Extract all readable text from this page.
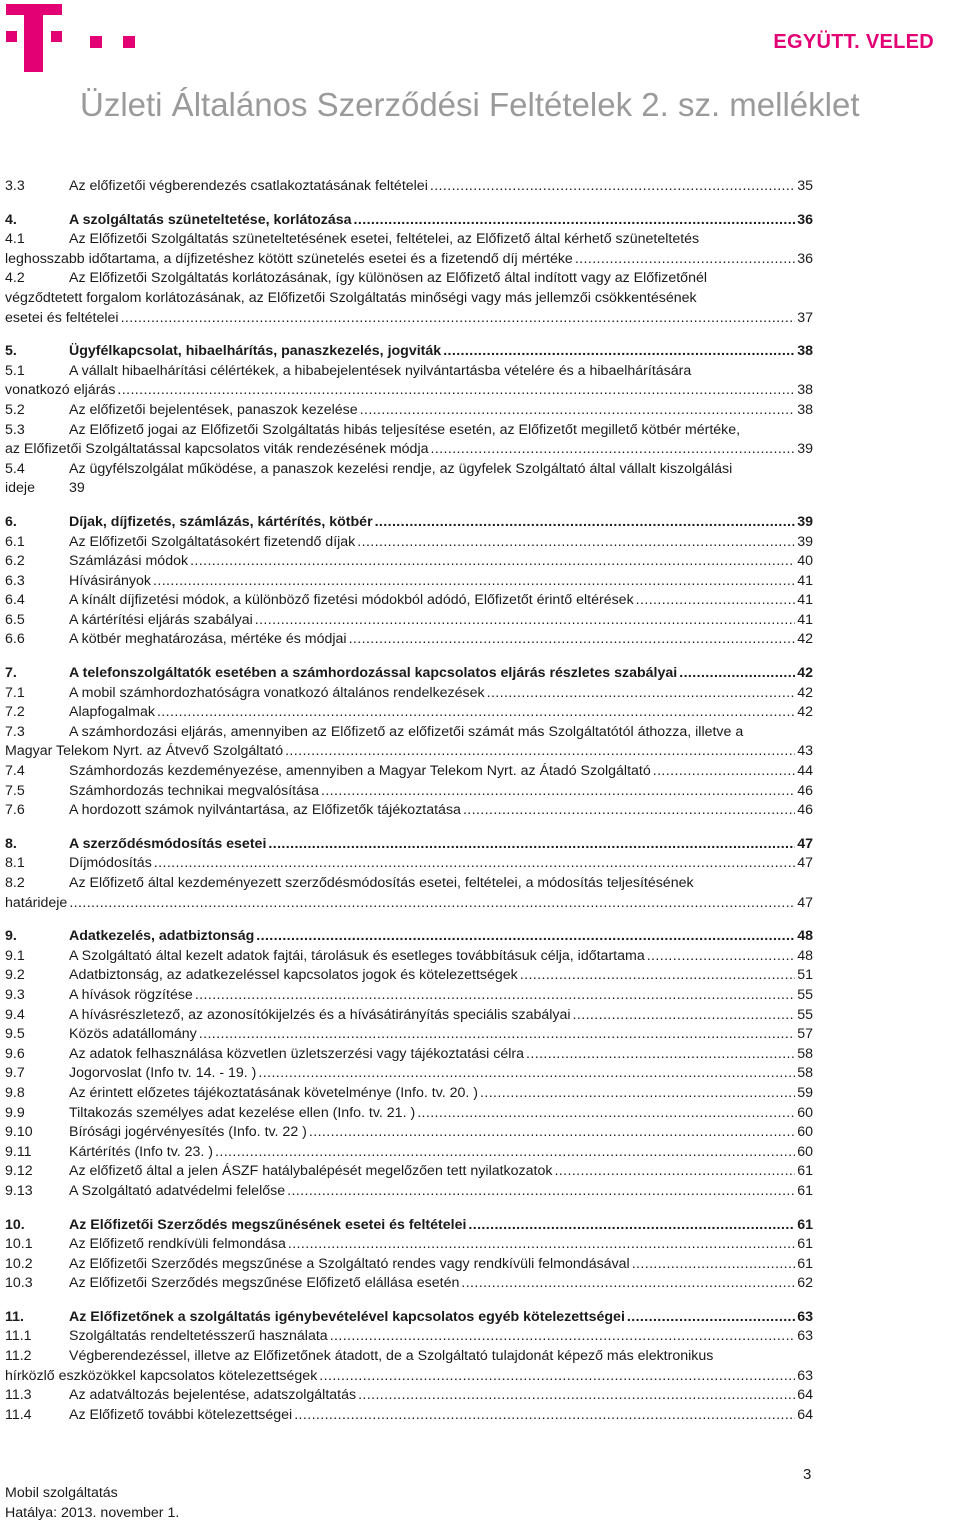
EGYÜTT. VELED
Üzleti Általános Szerződési Feltételek 2. sz. melléklet
3.3	Az előfizetői végberendezés csatlakoztatásának feltételei .....	35
4.	A szolgáltatás szüneteltetése, korlátozása .....	36
4.1	Az Előfizetői Szolgáltatás szüneteltetésének esetei, feltételei, az Előfizető által kérhető szüneteltetés
leghosszabb időtartama, a díjfizetéshez kötött szünetelés esetei és a fizetendő díj mértéke .....	36
4.2	Az Előfizetői Szolgáltatás korlátozásának, így különösen az Előfizető által indított vagy az Előfizetőnél
végződtetett forgalom korlátozásának, az Előfizetői Szolgáltatás minőségi vagy más jellemzői csökkentésének
esetei és feltételei .....	37
5.	Ügyfélkapcsolat, hibaelhárítás, panaszkezelés, jogviták .....	38
5.1	A vállalt hibaelhárítási célértékek, a hibabejelentések nyilvántartásba vételére és a hibaelhárítására
vonatkozó eljárás .....	38
5.2	Az előfizetői bejelentések, panaszok kezelése .....	38
5.3	Az Előfizető jogai az Előfizetői Szolgáltatás hibás teljesítése esetén, az Előfizetőt megillető kötbér mértéke,
az Előfizetői Szolgáltatással kapcsolatos viták rendezésének módja .....	39
5.4	Az ügyfélszolgálat működése, a panaszok kezelési rendje, az ügyfelek Szolgáltató által vállalt kiszolgálási
ideje 39
6.	Díjak, díjfizetés, számlázás, kártérítés, kötbér .....	39
6.1	Az Előfizetői Szolgáltatásokért fizetendő díjak .....	39
6.2	Számlázási módok .....	40
6.3	Hívásirányok .....	41
6.4	A kínált díjfizetési módok, a különböző fizetési módokból adódó, Előfizetőt érintő eltérések .....	41
6.5	A kártérítési eljárás szabályai .....	41
6.6	A kötbér meghatározása, mértéke és módjai .....	42
7.	A telefonszolgáltatók esetében a számhordozással kapcsolatos eljárás részletes szabályai .....	42
7.1	A mobil számhordozhatóságra vonatkozó általános rendelkezések .....	42
7.2	Alapfogalmak .....	42
7.3	A számhordozási eljárás, amennyiben az Előfizető az előfizetői számát más Szolgáltatótól áthozza, illetve a
Magyar Telekom Nyrt. az Átvevő Szolgáltató .....	43
7.4	Számhordozás kezdeményezése, amennyiben a Magyar Telekom Nyrt. az Átadó Szolgáltató .....	44
7.5	Számhordozás technikai megvalósítása .....	46
7.6	A hordozott számok nyilvántartása, az Előfizetők tájékoztatása .....	46
8.	A szerződésmódosítás esetei .....	47
8.1	Díjmódosítás .....	47
8.2	Az Előfizető által kezdeményezett szerződésmódosítás esetei, feltételei, a módosítás teljesítésének
határideje .....	47
9.	Adatkezelés, adatbiztonság .....	48
9.1	A Szolgáltató által kezelt adatok fajtái, tárolásuk és esetleges továbbításuk célja, időtartama .....	48
9.2	Adatbiztonság, az adatkezeléssel kapcsolatos jogok és kötelezettségek .....	51
9.3	A hívások rögzítése .....	55
9.4	A hívásrészletező, az azonosítókijelzés és a hívásátirányítás speciális szabályai .....	55
9.5	Közös adatállomány .....	57
9.6	Az adatok felhasználása közvetlen üzletszerzési vagy tájékoztatási célra .....	58
9.7	Jogorvoslat (Info tv. 14. - 19. ) .....	58
9.8	Az érintett előzetes tájékoztatásának követelménye (Info. tv. 20. ) .....	59
9.9	Tiltakozás személyes adat kezelése ellen (Info. tv. 21. ) .....	60
9.10	Bírósági jogérvényesítés (Info. tv. 22 ) .....	60
9.11	Kártérítés (Info tv. 23. ) .....	60
9.12	Az előfizető által a jelen ÁSZF hatálybalépését megelőzően tett nyilatkozatok .....	61
9.13	A Szolgáltató adatvédelmi felelőse .....	61
10.	Az Előfizetői Szerződés megszűnésének esetei és feltételei .....	61
10.1	Az Előfizető rendkívüli felmondása .....	61
10.2	Az Előfizetői Szerződés megszűnése a Szolgáltató rendes vagy rendkívüli felmondásával .....	61
10.3	Az Előfizetői Szerződés megszűnése Előfizető elállása esetén .....	62
11.	Az Előfizetőnek a szolgáltatás igénybevételével kapcsolatos egyéb kötelezettségei .....	63
11.1	Szolgáltatás rendeltetésszerű használata .....	63
11.2	Végberendezéssel, illetve az Előfizetőnek átadott, de a Szolgáltató tulajdonát képező más elektronikus
hírközlő eszközökkel kapcsolatos kötelezettségek .....	63
11.3	Az adatváltozás bejelentése, adatszolgáltatás .....	64
11.4	Az Előfizető további kötelezettségei .....	64
3
Mobil szolgáltatás
Hatálya: 2013. november 1.
